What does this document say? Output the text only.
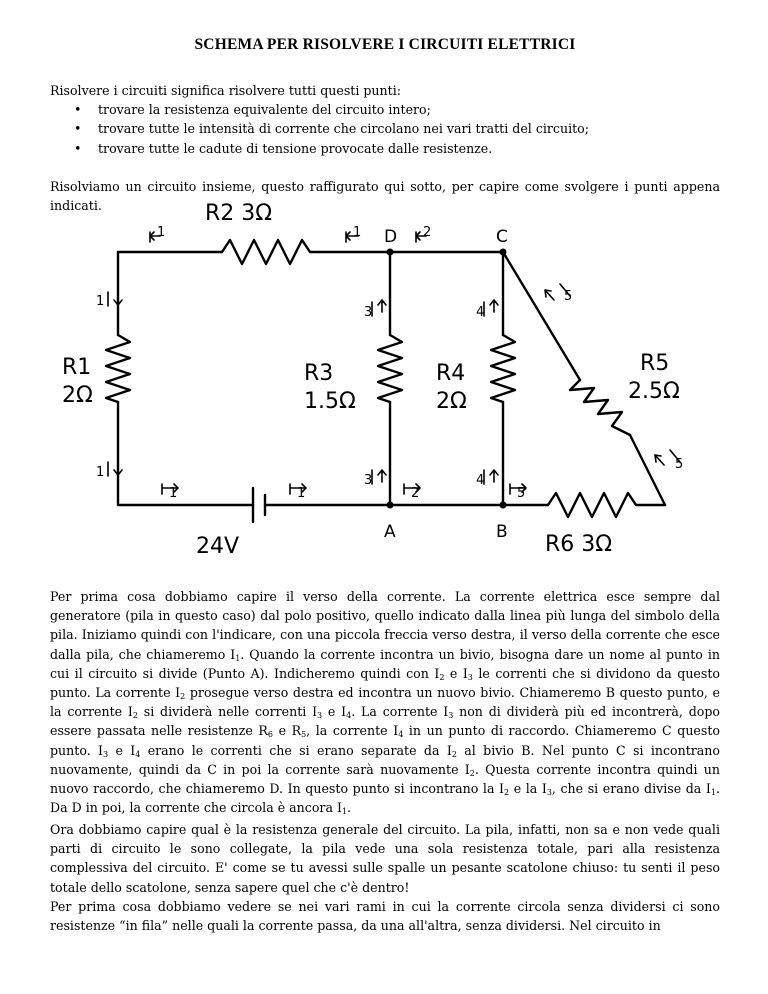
SCHEMA PER RISOLVERE I CIRCUITI ELETTRICI

Risolvere i circuiti significa risolvere tutti questi punti:

• trovare la resistenza equivalente del circuito intero;
• trovare tutte le intensità di corrente che circolano nei vari tratti del circuito;
• trovare tutte le cadute di tensione provocate dalle resistenze.

Risolviamo un circuito insieme, questo raffigurato qui sotto, per capire come svolgere i punti appena indicati.

Per prima cosa dobbiamo capire il verso della corrente. La corrente elettrica esce sempre dal generatore (pila in questo caso) dal polo positivo, quello indicato dalla linea più lunga del simbolo della pila. Iniziamo quindi con l'indicare, con una piccola freccia verso destra, il verso della corrente che esce dalla pila, che chiameremo $I_1$. Quando la corrente incontra un bivio, bisogna dare un nome al punto in cui il circuito si divide (Punto A). Indicheremo quindi con $I_2$ e $I_3$ le correnti che si dividono da questo punto. La corrente $I_2$ prosegue verso destra ed incontra un nuovo bivio. Chiameremo B questo punto, e la corrente $I_2$ si dividerà nelle correnti $I_3$ e $I_4$. La corrente $I_3$ non di dividerà più ed incontrerà, dopo essere passata nelle resistenze $R_6$ e $R_5$, la corrente $I_4$ in un punto di raccordo. Chiameremo C questo punto. $I_3$ e $I_4$ erano le correnti che si erano separate da $I_2$ al bivio B. Nel punto C si incontrano nuovamente, quindi da C in poi la corrente sarà nuovamente $I_2$. Questa corrente incontra quindi un nuovo raccordo, che chiameremo D. In questo punto si incontrano la $I_2$ e la $I_3$, che si erano divise da $I_1$. Da D in poi, la corrente che circola è ancora $I_1$.

Ora dobbiamo capire qual è la resistenza generale del circuito. La pila, infatti, non sa e non vede quali parti di circuito le sono collegate, la pila vede una sola resistenza totale, pari alla resistenza complessiva del circuito. E' come se tu avessi sulle spalle un pesante scatolone chiuso: tu senti il peso totale dello scatolone, senza sapere quel che c'è dentro!

Per prima cosa dobbiamo vedere se nei vari rami in cui la corrente circola senza dividersi ci sono resistenze “in fila” nelle quali la corrente passa, da una all'altra, senza dividersi. Nel circuito in

R2 3Ω
R1
2Ω
R3
1.5Ω
R4
2Ω
R5
2.5Ω
R6 3Ω
24V
A	B
C
D
1	1	2
1
1
1	1	2	5
3
3
4
4
5
5
